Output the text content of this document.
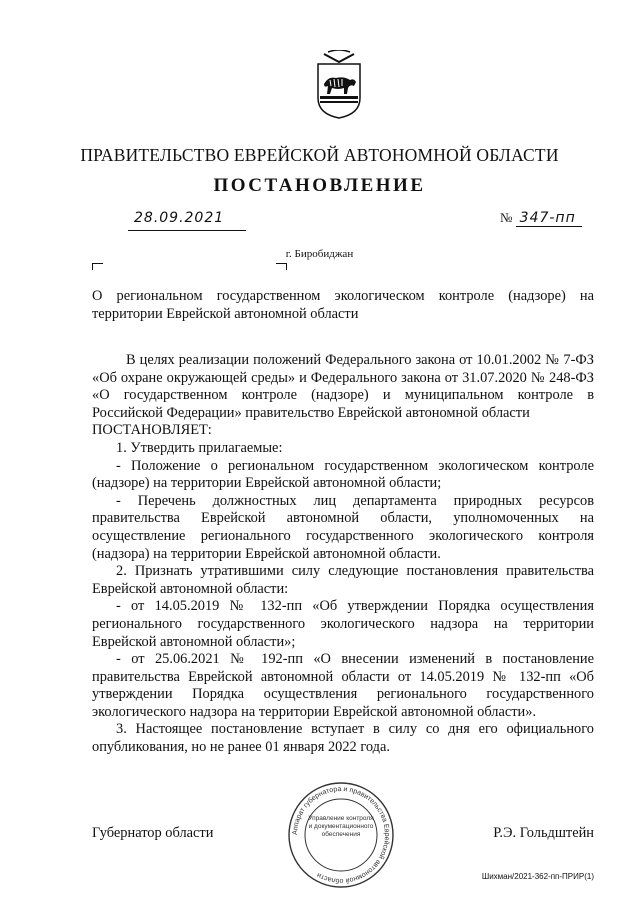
ПРАВИТЕЛЬСТВО ЕВРЕЙСКОЙ АВТОНОМНОЙ ОБЛАСТИ
ПОСТАНОВЛЕНИЕ
28.09.2021	№ 347-пп
г. Биробиджан
О региональном государственном экологическом контроле (надзоре) на территории Еврейской автономной области

В целях реализации положений Федерального закона от 10.01.2002 № 7-ФЗ «Об охране окружающей среды» и Федерального закона от 31.07.2020 № 248-ФЗ «О государственном контроле (надзоре) и муниципальном контроле в Российской Федерации» правительство Еврейской автономной области

ПОСТАНОВЛЯЕТ:

1. Утвердить прилагаемые:

- Положение о региональном государственном экологическом контроле (надзоре) на территории Еврейской автономной области;

- Перечень должностных лиц департамента природных ресурсов правительства Еврейской автономной области, уполномоченных на осуществление регионального государственного экологического контроля (надзора) на территории Еврейской автономной области.

2. Признать утратившими силу следующие постановления правительства Еврейской автономной области:

- от 14.05.2019 № 132-пп «Об утверждении Порядка осуществления регионального государственного экологического надзора на территории Еврейской автономной области»;

- от 25.06.2021 № 192-пп «О внесении изменений в постановление правительства Еврейской автономной области от 14.05.2019 № 132-пп «Об утверждении Порядка осуществления регионального государственного экологического надзора на территории Еврейской автономной области».

3. Настоящее постановление вступает в силу со дня его официального опубликования, но не ранее 01 января 2022 года.

Аппарат губернатора и правительства Еврейской автономной области
Управление контроля и документационного обеспечения
Губернатор области	Р.Э. Гольдштейн
Шихман/2021-362-пп-ПРИР(1)
